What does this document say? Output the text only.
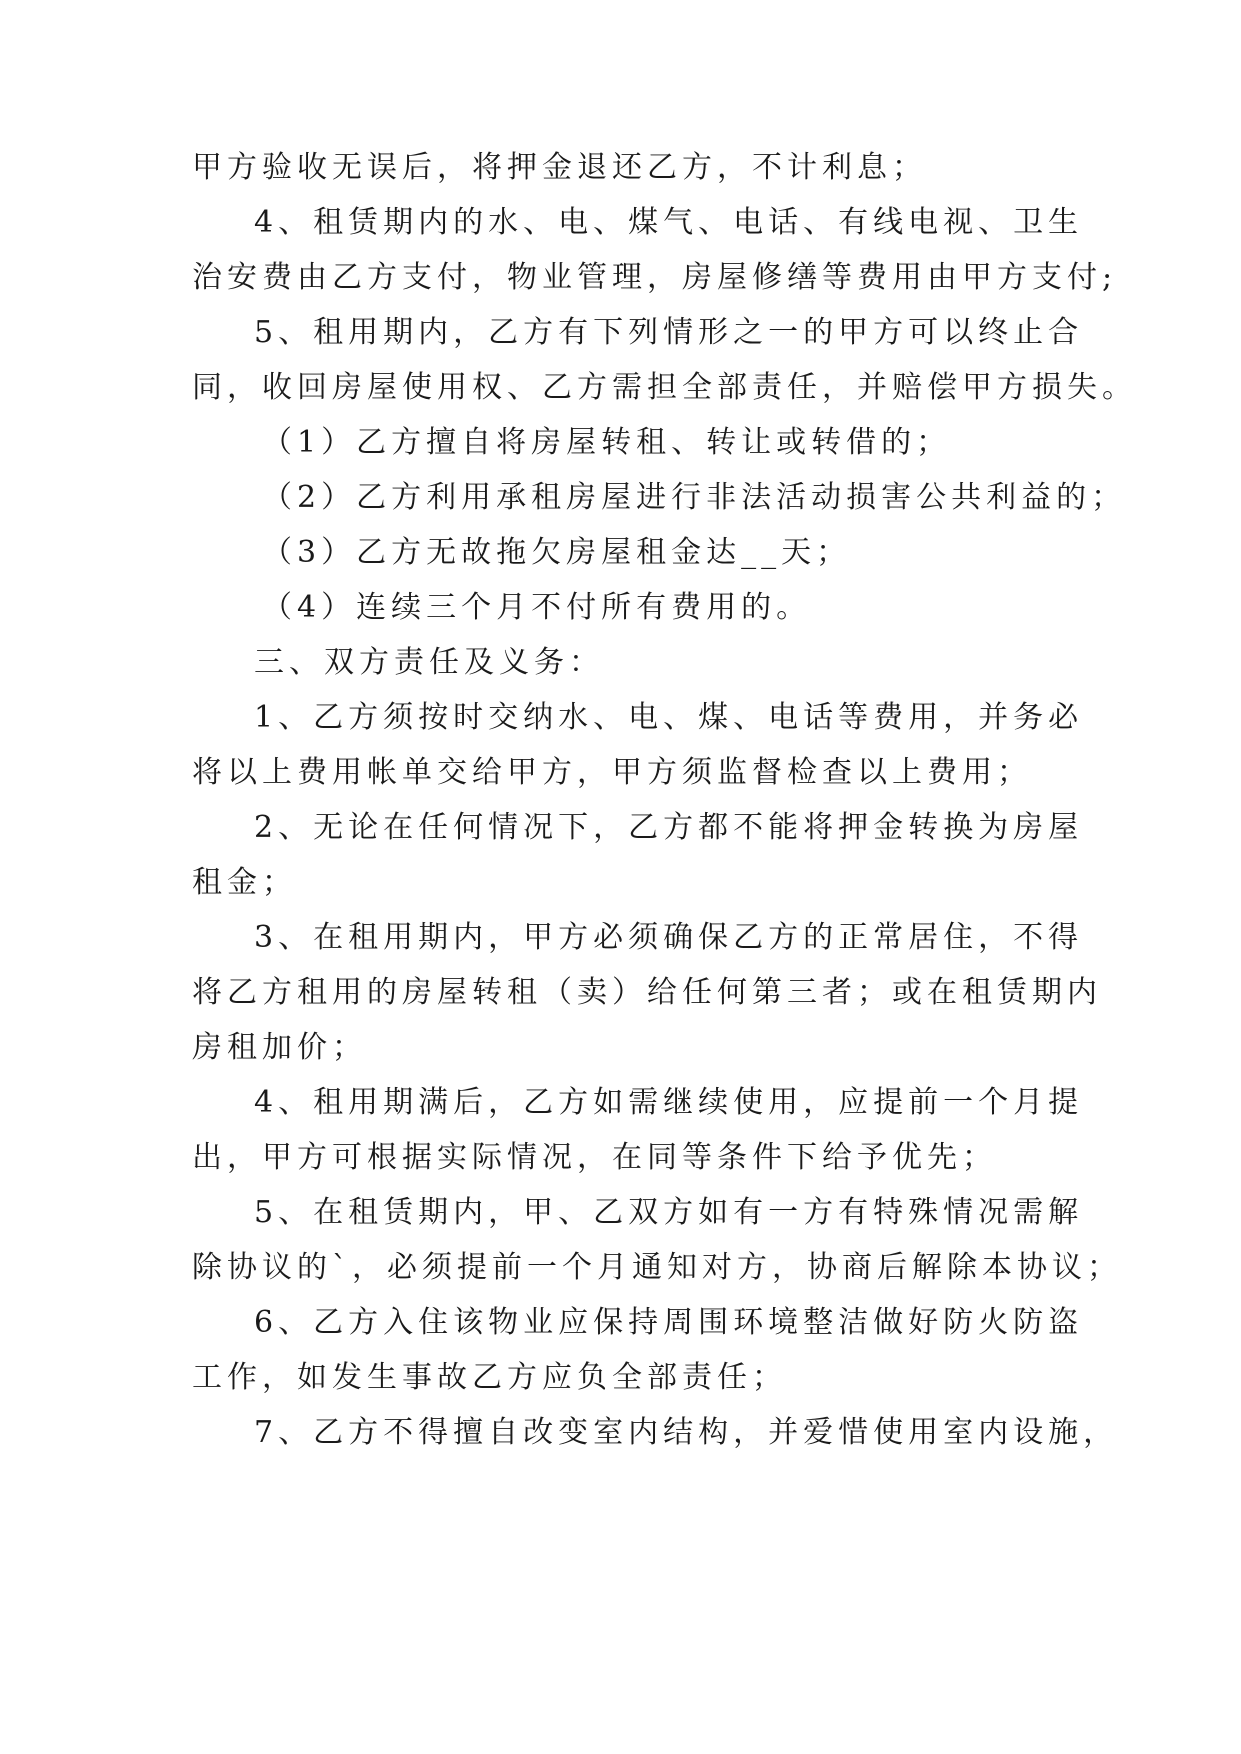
甲方验收无误后，将押金退还乙方，不计利息；
4、租赁期内的水、电、煤气、电话、有线电视、卫生
治安费由乙方支付，物业管理，房屋修缮等费用由甲方支付;
5、租用期内，乙方有下列情形之一的甲方可以终止合
同，收回房屋使用权、乙方需担全部责任，并赔偿甲方损失。
（1）乙方擅自将房屋转租、转让或转借的；
（2）乙方利用承租房屋进行非法活动损害公共利益的；
（3）乙方无故拖欠房屋租金达__天；
（4）连续三个月不付所有费用的。
三、双方责任及义务：
1、乙方须按时交纳水、电、煤、电话等费用，并务必
将以上费用帐单交给甲方，甲方须监督检查以上费用；
2、无论在任何情况下，乙方都不能将押金转换为房屋
租金；
3、在租用期内，甲方必须确保乙方的正常居住，不得
将乙方租用的房屋转租（卖）给任何第三者；或在租赁期内
房租加价；
4、租用期满后，乙方如需继续使用，应提前一个月提
出，甲方可根据实际情况，在同等条件下给予优先；
5、在租赁期内，甲、乙双方如有一方有特殊情况需解
除协议的`，必须提前一个月通知对方，协商后解除本协议；
6、乙方入住该物业应保持周围环境整洁做好防火防盗
工作，如发生事故乙方应负全部责任；
7、乙方不得擅自改变室内结构，并爱惜使用室内设施，
